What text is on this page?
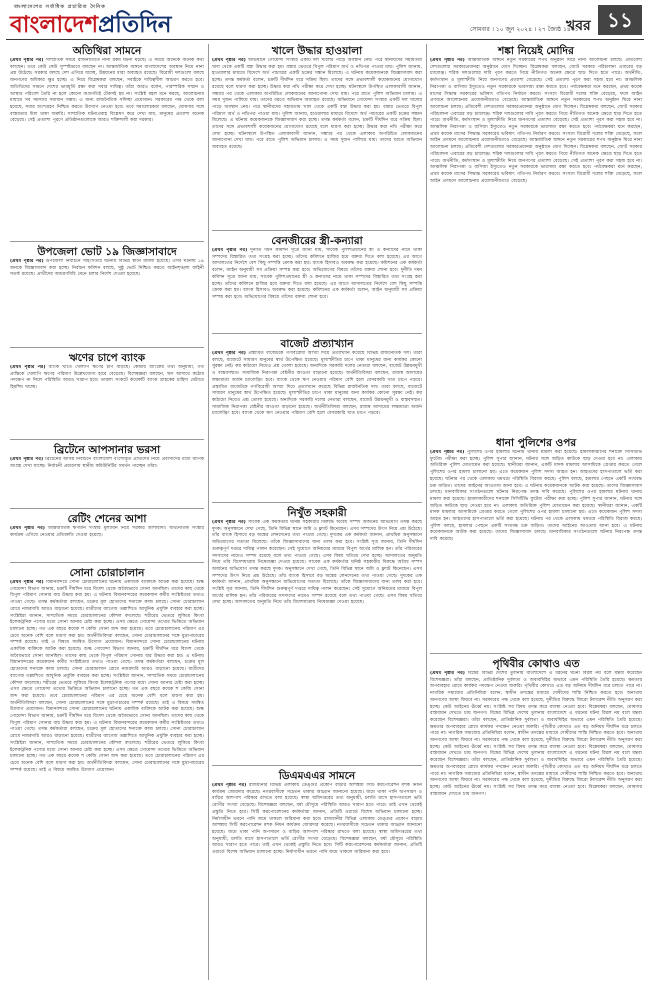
বাংলাদেশের সর্বাধিক প্রচারিত দৈনিক
বাংলাদেশপ্রতিদিন	সোমবার । ১০ জুন ২০২৪ । ২৭ জ্যৈষ্ঠ ১৪৩১
খবর ১১
অতিথিরা সামনে

(প্রথম পৃষ্ঠার পর) সাম্প্রতিক সময়ে রাজনীতিতে নানা রকম ঘটনা ঘটছে। এ সময়ে অনেকে অনেক কথা বলছেন। তবে কেউ কেউ সুস্পষ্টভাবে বলছেন না। আন্তর্জাতিক অঙ্গনে বাংলাদেশের অবস্থান নিয়ে নানা প্রশ্ন উঠেছে। সরকার বলছে দেশ এগিয়ে যাচ্ছে, উন্নয়নের ধারা অব্যাহত রয়েছে। বিরোধী দলগুলো বলছে জনগণের অধিকার ক্ষুণ্ণ হচ্ছে। এ নিয়ে বিশ্লেষকরা বলছেন, সবাইকে দায়িত্বশীল আচরণ করতে হবে। অতিথিদের সামনে দেশের ভাবমূর্তি রক্ষা করা সবার দায়িত্ব। তাঁরা আরও বলেন, পারস্পরিক সম্মান ও আস্থার পরিবেশ তৈরি না হলে কোনো অগ্রগতিই টেকসই হয় না। সংশ্লিষ্ট মহল মনে করছে, আলোচনার মাধ্যমে সব সমস্যার সমাধান সম্ভব। এ জন্য রাজনৈতিক সদিচ্ছা প্রয়োজন। সরকারের পক্ষ থেকে বলা হয়েছে, সবার অংশগ্রহণ নিশ্চিত করতে উদ্যোগ নেওয়া হবে। তবে সমালোচকরা বলছেন, ঘোষণার সঙ্গে বাস্তবতার মিল থাকা জরুরি। সাম্প্রতিক ঘটনাপ্রবাহ বিশ্লেষণ করে দেখা যায়, মানুষের প্রত্যাশা অনেক বেড়েছে। সেই প্রত্যাশা পূরণে প্রতিষ্ঠানগুলোকে আরও শক্তিশালী করা দরকার।

উপজেলা ভোট ১৯ জিজ্ঞাসাবাদে

(প্রথম পৃষ্ঠার পর) উপজেলা নির্বাচনে সহিংসতার ঘটনায় বিভিন্ন স্থানে মামলা হয়েছে। এসব ঘটনায় ১৯ জনকে জিজ্ঞাসাবাদ করা হচ্ছে। নির্বাচন কমিশন বলছে, সুষ্ঠু ভোট নিশ্চিত করতে আইনশৃঙ্খলা বাহিনী সতর্ক রয়েছে। প্রার্থীদের আচরণবিধি মেনে চলার নির্দেশ দেওয়া হয়েছে।

ঋণের চাপে ব্যাংক

(প্রথম পৃষ্ঠার পর) ব্যাংক খাতে খেলাপি ঋণের চাপ বাড়ছে। কেন্দ্রীয় ব্যাংকের তথ্য অনুযায়ী, গত প্রান্তিকে খেলাপি ঋণের পরিমাণ উল্লেখযোগ্য হারে বেড়েছে। বিশেষজ্ঞরা বলছেন, ঋণ আদায়ে কঠোর পদক্ষেপ না নিলে পরিস্থিতি আরও খারাপ হবে। তারল্য সংকটে কয়েকটি ব্যাংক গ্রাহকের চাহিদা মেটাতে হিমশিম খাচ্ছে।

ব্রিটেনে আপসানার ভরসা

(প্রথম পৃষ্ঠার পর) ব্রিটেনের আসন্ন নির্বাচনে বাংলাদেশি বংশোদ্ভূত প্রার্থীদের নিয়ে প্রবাসীদের মধ্যে ব্যাপক আগ্রহ দেখা যাচ্ছে। নির্বাচনী প্রচারণায় স্থানীয় কমিউনিটির সমর্থন পাচ্ছেন তাঁরা।

রেটিং শেনের আশা

(প্রথম পৃষ্ঠার পর) আন্তর্জাতিক ঋণমান সংস্থার মূল্যায়ন নিয়ে সরকার আশাবাদী। অর্থনৈতিক সংস্কার কার্যক্রম এগিয়ে নেওয়ার প্রতিশ্রুতি দেওয়া হয়েছে।

সোনা চোরাচালান

(প্রথম পৃষ্ঠার পর) বিমানবন্দরে সোনা চোরাচালানের ঘটনায় একাধিক ব্যক্তিকে আটক করা হয়েছে। শুল্ক গোয়েন্দা বিভাগ জানায়, চক্রটি দীর্ঘদিন ধরে বিদেশ থেকে অবৈধভাবে সোনা আনছিল। তাদের কাছ থেকে বিপুল পরিমাণ সোনার বার উদ্ধার করা হয়। এ ঘটনায় বিমানবন্দরের কয়েকজন কর্মীর সংশ্লিষ্টতার তথ্যও পাওয়া গেছে। তদন্ত কর্মকর্তারা বলছেন, চক্রের মূল হোতাদের শনাক্তে কাজ চলছে। সোনা চোরাচালান রোধে নজরদারি আরও বাড়ানো হয়েছে। যাত্রীদের ব্যাগেজ তল্লাশিতে আধুনিক প্রযুক্তি ব্যবহার করা হচ্ছে। সংশ্লিষ্টরা জানান, সাম্প্রতিক সময়ে চোরাচালানের কৌশল বদলেছে। শরীরের ভেতরে লুকিয়ে কিংবা ইলেকট্রনিক পণ্যের মধ্যে সোনা আনার চেষ্টা করা হচ্ছে। এসব ক্ষেত্রে গোয়েন্দা তথ্যের ভিত্তিতে অভিযান চালানো হচ্ছে। গত এক বছরে কয়েক শ কেজি সোনা জব্দ করা হয়েছে। তবে চোরাচালানের পরিমাণ এর চেয়ে অনেক বেশি বলে ধারণা করা হয়। অর্থনীতিবিদরা বলছেন, সোনা চোরাচালানের সঙ্গে মুদ্রাপাচারের সম্পর্ক রয়েছে। তাই এ বিষয়ে সমন্বিত উদ্যোগ প্রয়োজন। বিমানবন্দরে সোনা চোরাচালানের ঘটনায় একাধিক ব্যক্তিকে আটক করা হয়েছে। শুল্ক গোয়েন্দা বিভাগ জানায়, চক্রটি দীর্ঘদিন ধরে বিদেশ থেকে অবৈধভাবে সোনা আনছিল। তাদের কাছ থেকে বিপুল পরিমাণ সোনার বার উদ্ধার করা হয়। এ ঘটনায় বিমানবন্দরের কয়েকজন কর্মীর সংশ্লিষ্টতার তথ্যও পাওয়া গেছে। তদন্ত কর্মকর্তারা বলছেন, চক্রের মূল হোতাদের শনাক্তে কাজ চলছে। সোনা চোরাচালান রোধে নজরদারি আরও বাড়ানো হয়েছে। যাত্রীদের ব্যাগেজ তল্লাশিতে আধুনিক প্রযুক্তি ব্যবহার করা হচ্ছে। সংশ্লিষ্টরা জানান, সাম্প্রতিক সময়ে চোরাচালানের কৌশল বদলেছে। শরীরের ভেতরে লুকিয়ে কিংবা ইলেকট্রনিক পণ্যের মধ্যে সোনা আনার চেষ্টা করা হচ্ছে। এসব ক্ষেত্রে গোয়েন্দা তথ্যের ভিত্তিতে অভিযান চালানো হচ্ছে। গত এক বছরে কয়েক শ কেজি সোনা জব্দ করা হয়েছে। তবে চোরাচালানের পরিমাণ এর চেয়ে অনেক বেশি বলে ধারণা করা হয়। অর্থনীতিবিদরা বলছেন, সোনা চোরাচালানের সঙ্গে মুদ্রাপাচারের সম্পর্ক রয়েছে। তাই এ বিষয়ে সমন্বিত উদ্যোগ প্রয়োজন। বিমানবন্দরে সোনা চোরাচালানের ঘটনায় একাধিক ব্যক্তিকে আটক করা হয়েছে। শুল্ক গোয়েন্দা বিভাগ জানায়, চক্রটি দীর্ঘদিন ধরে বিদেশ থেকে অবৈধভাবে সোনা আনছিল। তাদের কাছ থেকে বিপুল পরিমাণ সোনার বার উদ্ধার করা হয়। এ ঘটনায় বিমানবন্দরের কয়েকজন কর্মীর সংশ্লিষ্টতার তথ্যও পাওয়া গেছে। তদন্ত কর্মকর্তারা বলছেন, চক্রের মূল হোতাদের শনাক্তে কাজ চলছে। সোনা চোরাচালান রোধে নজরদারি আরও বাড়ানো হয়েছে। যাত্রীদের ব্যাগেজ তল্লাশিতে আধুনিক প্রযুক্তি ব্যবহার করা হচ্ছে। সংশ্লিষ্টরা জানান, সাম্প্রতিক সময়ে চোরাচালানের কৌশল বদলেছে। শরীরের ভেতরে লুকিয়ে কিংবা ইলেকট্রনিক পণ্যের মধ্যে সোনা আনার চেষ্টা করা হচ্ছে। এসব ক্ষেত্রে গোয়েন্দা তথ্যের ভিত্তিতে অভিযান চালানো হচ্ছে। গত এক বছরে কয়েক শ কেজি সোনা জব্দ করা হয়েছে। তবে চোরাচালানের পরিমাণ এর চেয়ে অনেক বেশি বলে ধারণা করা হয়। অর্থনীতিবিদরা বলছেন, সোনা চোরাচালানের সঙ্গে মুদ্রাপাচারের সম্পর্ক রয়েছে। তাই এ বিষয়ে সমন্বিত উদ্যোগ প্রয়োজন।

খালে উদ্ধার হাওয়ালা

(প্রথম পৃষ্ঠার পর) অভিযানে গোয়েন্দা সংস্থার একটি দল খালের পাড়ে অবস্থান নেয়। পরে স্থানীয়দের সহায়তায় খাল থেকে একটি বস্তা উদ্ধার করা হয়। বস্তার ভেতরে বিপুল পরিমাণ অর্থ ও নথিপত্র পাওয়া যায়। পুলিশ জানায়, হাওয়ালার মাধ্যমে বিদেশে অর্থ পাচারের একটি চক্রের সন্ধান মিলেছে। এ ঘটনায় কয়েকজনকে জিজ্ঞাসাবাদ করা হচ্ছে। তদন্ত কর্মকর্তা বলেন, চক্রটি দীর্ঘদিন ধরে সক্রিয় ছিল। তাদের সঙ্গে প্রভাবশালী কয়েকজনের যোগাযোগ রয়েছে বলে ধারণা করা হচ্ছে। উদ্ধার করা নথি পরীক্ষা করে দেখা হচ্ছে। ঘটনাস্থলে উপস্থিত এলাকাবাসী জানান, সন্ধ্যার পর থেকে এলাকায় অপরিচিত লোকজনের আনাগোনা দেখা যায়। পরে রাতে পুলিশ অভিযান চালায়। এ সময় দুজন পালিয়ে যায়। তাদের ধরতে অভিযান অব্যাহত রয়েছে। অভিযানে গোয়েন্দা সংস্থার একটি দল খালের পাড়ে অবস্থান নেয়। পরে স্থানীয়দের সহায়তায় খাল থেকে একটি বস্তা উদ্ধার করা হয়। বস্তার ভেতরে বিপুল পরিমাণ অর্থ ও নথিপত্র পাওয়া যায়। পুলিশ জানায়, হাওয়ালার মাধ্যমে বিদেশে অর্থ পাচারের একটি চক্রের সন্ধান মিলেছে। এ ঘটনায় কয়েকজনকে জিজ্ঞাসাবাদ করা হচ্ছে। তদন্ত কর্মকর্তা বলেন, চক্রটি দীর্ঘদিন ধরে সক্রিয় ছিল। তাদের সঙ্গে প্রভাবশালী কয়েকজনের যোগাযোগ রয়েছে বলে ধারণা করা হচ্ছে। উদ্ধার করা নথি পরীক্ষা করে দেখা হচ্ছে। ঘটনাস্থলে উপস্থিত এলাকাবাসী জানান, সন্ধ্যার পর থেকে এলাকায় অপরিচিত লোকজনের আনাগোনা দেখা যায়। পরে রাতে পুলিশ অভিযান চালায়। এ সময় দুজন পালিয়ে যায়। তাদের ধরতে অভিযান অব্যাহত রয়েছে।

বেনজীরের স্ত্রী-কন্যারা

(প্রথম পৃষ্ঠার পর) দুর্নীতি দমন কমিশন সূত্রে জানা যায়, সাবেক পুলিশপ্রধানের স্ত্রী ও কন্যাদের নামে থাকা সম্পদের বিস্তারিত তথ্য সংগ্রহ করা হচ্ছে। তাঁদের কমিশনে হাজির হয়ে বক্তব্য দিতে বলা হয়েছে। এর আগে আদালতের নির্দেশে বেশ কিছু সম্পত্তি ক্রোক করা হয়। ব্যাংক হিসাবও অবরুদ্ধ করা হয়েছে। কমিশনের এক কর্মকর্তা বলেন, আইন অনুযায়ী সব প্রক্রিয়া সম্পন্ন করা হবে। অভিযোগের বিষয়ে তাঁদের বক্তব্য শোনা হবে। দুর্নীতি দমন কমিশন সূত্রে জানা যায়, সাবেক পুলিশপ্রধানের স্ত্রী ও কন্যাদের নামে থাকা সম্পদের বিস্তারিত তথ্য সংগ্রহ করা হচ্ছে। তাঁদের কমিশনে হাজির হয়ে বক্তব্য দিতে বলা হয়েছে। এর আগে আদালতের নির্দেশে বেশ কিছু সম্পত্তি ক্রোক করা হয়। ব্যাংক হিসাবও অবরুদ্ধ করা হয়েছে। কমিশনের এক কর্মকর্তা বলেন, আইন অনুযায়ী সব প্রক্রিয়া সম্পন্ন করা হবে। অভিযোগের বিষয়ে তাঁদের বক্তব্য শোনা হবে।

বাজেট প্রত্যাখ্যান

(প্রথম পৃষ্ঠার পর) প্রস্তাবিত বাজেটকে গণবিরোধী আখ্যা দিয়ে প্রত্যাখ্যান করেছে বিভিন্ন রাজনৈতিক দল। তারা বলছে, বাজেটে সাধারণ মানুষের স্বার্থ উপেক্ষিত হয়েছে। মূল্যস্ফীতির চাপে থাকা মানুষের জন্য কার্যকর কোনো সুরক্ষা নেই। কর কাঠামো নিয়েও প্রশ্ন তোলা হয়েছে। অন্যদিকে সরকারি দলের নেতারা বলছেন, বাজেট উন্নয়নমুখী ও বাস্তবসম্মত। সামাজিক নিরাপত্তা বেষ্টনীর আওতা বাড়ানো হয়েছে। অর্থনীতিবিদরা বলছেন, রাজস্ব আদায়ের লক্ষ্যমাত্রা অর্জন চ্যালেঞ্জিং হবে। ব্যাংক থেকে ঋণ নেওয়ার পরিমাণ বেশি হলে বেসরকারি খাত চাপে পড়বে। প্রস্তাবিত বাজেটকে গণবিরোধী আখ্যা দিয়ে প্রত্যাখ্যান করেছে বিভিন্ন রাজনৈতিক দল। তারা বলছে, বাজেটে সাধারণ মানুষের স্বার্থ উপেক্ষিত হয়েছে। মূল্যস্ফীতির চাপে থাকা মানুষের জন্য কার্যকর কোনো সুরক্ষা নেই। কর কাঠামো নিয়েও প্রশ্ন তোলা হয়েছে। অন্যদিকে সরকারি দলের নেতারা বলছেন, বাজেট উন্নয়নমুখী ও বাস্তবসম্মত। সামাজিক নিরাপত্তা বেষ্টনীর আওতা বাড়ানো হয়েছে। অর্থনীতিবিদরা বলছেন, রাজস্ব আদায়ের লক্ষ্যমাত্রা অর্জন চ্যালেঞ্জিং হবে। ব্যাংক থেকে ঋণ নেওয়ার পরিমাণ বেশি হলে বেসরকারি খাত চাপে পড়বে।

নিখুঁত সহকারী

(প্রথম পৃষ্ঠার পর) সাবেক এক কর্মকর্তার ঘনিষ্ঠ সহকারীর বিরুদ্ধে অবৈধ সম্পদ অর্জনের অভিযোগ তদন্ত করছে দুদক। অনুসন্ধানে দেখা গেছে, তিনি বিভিন্ন স্থানে জমি ও ফ্ল্যাট কিনেছেন। এসব সম্পদের উৎস নিয়ে প্রশ্ন উঠেছে। তাঁর ব্যাংক হিসাবে বড় অঙ্কের লেনদেনের তথ্য পাওয়া গেছে। দুদকের এক কর্মকর্তা জানান, প্রাথমিক অনুসন্ধানে অভিযোগের সত্যতা মিলেছে। তাঁকে জিজ্ঞাসাবাদের জন্য তলব করা হবে। সংশ্লিষ্ট সূত্র জানায়, তিনি দীর্ঘদিন গুরুত্বপূর্ণ দপ্তরে দায়িত্ব পালন করেছেন। সেই সুযোগে অনিয়মের মাধ্যমে বিপুল অর্থের মালিক হন। তাঁর পরিবারের সদস্যদের নামেও সম্পদ রয়েছে বলে তথ্য পাওয়া গেছে। এসব বিষয় খতিয়ে দেখা হচ্ছে। আদালতের অনুমতি নিয়ে তাঁর বিদেশযাত্রায় নিষেধাজ্ঞা দেওয়া হয়েছে। সাবেক এক কর্মকর্তার ঘনিষ্ঠ সহকারীর বিরুদ্ধে অবৈধ সম্পদ অর্জনের অভিযোগ তদন্ত করছে দুদক। অনুসন্ধানে দেখা গেছে, তিনি বিভিন্ন স্থানে জমি ও ফ্ল্যাট কিনেছেন। এসব সম্পদের উৎস নিয়ে প্রশ্ন উঠেছে। তাঁর ব্যাংক হিসাবে বড় অঙ্কের লেনদেনের তথ্য পাওয়া গেছে। দুদকের এক কর্মকর্তা জানান, প্রাথমিক অনুসন্ধানে অভিযোগের সত্যতা মিলেছে। তাঁকে জিজ্ঞাসাবাদের জন্য তলব করা হবে। সংশ্লিষ্ট সূত্র জানায়, তিনি দীর্ঘদিন গুরুত্বপূর্ণ দপ্তরে দায়িত্ব পালন করেছেন। সেই সুযোগে অনিয়মের মাধ্যমে বিপুল অর্থের মালিক হন। তাঁর পরিবারের সদস্যদের নামেও সম্পদ রয়েছে বলে তথ্য পাওয়া গেছে। এসব বিষয় খতিয়ে দেখা হচ্ছে। আদালতের অনুমতি নিয়ে তাঁর বিদেশযাত্রায় নিষেধাজ্ঞা দেওয়া হয়েছে।

ডিএমএএর সামনে

(প্রথম পৃষ্ঠার পর) রাজধানীর বিভিন্ন এলাকায় ডেঙ্গুর প্রকোপ বাড়ার আশঙ্কায় সিটি করপোরেশন মশক নিধন কার্যক্রম জোরদার করেছে। নগরবাসীকে সচেতন থাকার আহ্বান জানানো হয়েছে। জমে থাকা পানি অপসারণ ও বাড়ির আশপাশ পরিষ্কার রাখতে বলা হয়েছে। স্বাস্থ্য অধিদপ্তরের তথ্য অনুযায়ী, চলতি মাসে হাসপাতালে ভর্তি রোগীর সংখ্যা বেড়েছে। বিশেষজ্ঞরা বলছেন, বর্ষা মৌসুমে পরিস্থিতি আরও খারাপ হতে পারে। তাই এখন থেকেই প্রস্তুতি নিতে হবে। সিটি করপোরেশনের কর্মকর্তারা জানান, প্রতিটি ওয়ার্ডে বিশেষ অভিযান চালানো হচ্ছে। নির্মাণাধীন ভবনে পানি জমে থাকলে জরিমানা করা হবে। রাজধানীর বিভিন্ন এলাকায় ডেঙ্গুর প্রকোপ বাড়ার আশঙ্কায় সিটি করপোরেশন মশক নিধন কার্যক্রম জোরদার করেছে। নগরবাসীকে সচেতন থাকার আহ্বান জানানো হয়েছে। জমে থাকা পানি অপসারণ ও বাড়ির আশপাশ পরিষ্কার রাখতে বলা হয়েছে। স্বাস্থ্য অধিদপ্তরের তথ্য অনুযায়ী, চলতি মাসে হাসপাতালে ভর্তি রোগীর সংখ্যা বেড়েছে। বিশেষজ্ঞরা বলছেন, বর্ষা মৌসুমে পরিস্থিতি আরও খারাপ হতে পারে। তাই এখন থেকেই প্রস্তুতি নিতে হবে। সিটি করপোরেশনের কর্মকর্তারা জানান, প্রতিটি ওয়ার্ডে বিশেষ অভিযান চালানো হচ্ছে। নির্মাণাধীন ভবনে পানি জমে থাকলে জরিমানা করা হবে।

শঙ্কা নিয়েই মোদির

(প্রথম পৃষ্ঠার পর) আন্তর্জাতিক অঙ্গনে নতুন সরকারের শপথ অনুষ্ঠান ঘিরে নানা আলোচনা চলছে। প্রতিবেশী দেশগুলোর সরকারপ্রধানরা অনুষ্ঠানে যোগ দিচ্ছেন। বিশ্লেষকরা বলছেন, জোট সরকার পরিচালনা এবারের বড় চ্যালেঞ্জ। শরিক দলগুলোর দাবি পূরণ করতে গিয়ে নীতিগত অনেক ক্ষেত্রে ছাড় দিতে হতে পারে। অর্থনীতি, কর্মসংস্থান ও মূল্যস্ফীতি নিয়ে জনগণের প্রত্যাশা বেড়েছে। সেই প্রত্যাশা পূরণ করা সহজ হবে না। আঞ্চলিক নিরাপত্তা ও বাণিজ্য ইস্যুতেও নতুন সরকারকে ভারসাম্য রক্ষা করতে হবে। পর্যবেক্ষকরা মনে করছেন, প্রথম কয়েক মাসের সিদ্ধান্ত সরকারের ভবিষ্যৎ গতিপথ নির্ধারণ করবে। সংসদে বিরোধী দলের শক্তি বেড়েছে, ফলে আইন প্রণয়নে আলোচনার প্রয়োজনীয়তাও বেড়েছে। আন্তর্জাতিক অঙ্গনে নতুন সরকারের শপথ অনুষ্ঠান ঘিরে নানা আলোচনা চলছে। প্রতিবেশী দেশগুলোর সরকারপ্রধানরা অনুষ্ঠানে যোগ দিচ্ছেন। বিশ্লেষকরা বলছেন, জোট সরকার পরিচালনা এবারের বড় চ্যালেঞ্জ। শরিক দলগুলোর দাবি পূরণ করতে গিয়ে নীতিগত অনেক ক্ষেত্রে ছাড় দিতে হতে পারে। অর্থনীতি, কর্মসংস্থান ও মূল্যস্ফীতি নিয়ে জনগণের প্রত্যাশা বেড়েছে। সেই প্রত্যাশা পূরণ করা সহজ হবে না। আঞ্চলিক নিরাপত্তা ও বাণিজ্য ইস্যুতেও নতুন সরকারকে ভারসাম্য রক্ষা করতে হবে। পর্যবেক্ষকরা মনে করছেন, প্রথম কয়েক মাসের সিদ্ধান্ত সরকারের ভবিষ্যৎ গতিপথ নির্ধারণ করবে। সংসদে বিরোধী দলের শক্তি বেড়েছে, ফলে আইন প্রণয়নে আলোচনার প্রয়োজনীয়তাও বেড়েছে। আন্তর্জাতিক অঙ্গনে নতুন সরকারের শপথ অনুষ্ঠান ঘিরে নানা আলোচনা চলছে। প্রতিবেশী দেশগুলোর সরকারপ্রধানরা অনুষ্ঠানে যোগ দিচ্ছেন। বিশ্লেষকরা বলছেন, জোট সরকার পরিচালনা এবারের বড় চ্যালেঞ্জ। শরিক দলগুলোর দাবি পূরণ করতে গিয়ে নীতিগত অনেক ক্ষেত্রে ছাড় দিতে হতে পারে। অর্থনীতি, কর্মসংস্থান ও মূল্যস্ফীতি নিয়ে জনগণের প্রত্যাশা বেড়েছে। সেই প্রত্যাশা পূরণ করা সহজ হবে না। আঞ্চলিক নিরাপত্তা ও বাণিজ্য ইস্যুতেও নতুন সরকারকে ভারসাম্য রক্ষা করতে হবে। পর্যবেক্ষকরা মনে করছেন, প্রথম কয়েক মাসের সিদ্ধান্ত সরকারের ভবিষ্যৎ গতিপথ নির্ধারণ করবে। সংসদে বিরোধী দলের শক্তি বেড়েছে, ফলে আইন প্রণয়নে আলোচনার প্রয়োজনীয়তাও বেড়েছে।

ধানা পুলিশের ওপর

(প্রথম পৃষ্ঠার পর) পুলিশের ওপর হামলার ঘটনায় থানায় মামলা করা হয়েছে। হামলাকারীদের শনাক্তে সিসিটিভি ফুটেজ পরীক্ষা করা হচ্ছে। পুলিশ সুপার জানান, ঘটনার সঙ্গে জড়িত কাউকে ছাড় দেওয়া হবে না। এলাকায় অতিরিক্ত পুলিশ মোতায়েন করা হয়েছে। স্থানীয়রা জানান, একটি মাদক মামলার আসামিকে গ্রেপ্তার করতে গেলে পুলিশের ওপর হামলা চালানো হয়। এতে কয়েকজন পুলিশ সদস্য আহত হন। আহতদের হাসপাতালে ভর্তি করা হয়েছে। ঘটনার পর থেকে এলাকায় থমথমে পরিস্থিতি বিরাজ করছে। পুলিশ বলছে, হামলার পেছনে একটি সংঘবদ্ধ চক্র জড়িত। তাদের আইনের আওতায় আনা হবে। এ ঘটনায় কয়েকজনকে আটক করা হয়েছে। তাদের জিজ্ঞাসাবাদ চলছে। মানবাধিকার সংগঠনগুলো ঘটনার নিরপেক্ষ তদন্ত দাবি করেছে। পুলিশের ওপর হামলার ঘটনায় থানায় মামলা করা হয়েছে। হামলাকারীদের শনাক্তে সিসিটিভি ফুটেজ পরীক্ষা করা হচ্ছে। পুলিশ সুপার জানান, ঘটনার সঙ্গে জড়িত কাউকে ছাড় দেওয়া হবে না। এলাকায় অতিরিক্ত পুলিশ মোতায়েন করা হয়েছে। স্থানীয়রা জানান, একটি মাদক মামলার আসামিকে গ্রেপ্তার করতে গেলে পুলিশের ওপর হামলা চালানো হয়। এতে কয়েকজন পুলিশ সদস্য আহত হন। আহতদের হাসপাতালে ভর্তি করা হয়েছে। ঘটনার পর থেকে এলাকায় থমথমে পরিস্থিতি বিরাজ করছে। পুলিশ বলছে, হামলার পেছনে একটি সংঘবদ্ধ চক্র জড়িত। তাদের আইনের আওতায় আনা হবে। এ ঘটনায় কয়েকজনকে আটক করা হয়েছে। তাদের জিজ্ঞাসাবাদ চলছে। মানবাধিকার সংগঠনগুলো ঘটনার নিরপেক্ষ তদন্ত দাবি করেছে।

পৃথিবীর কোথাও এত

(প্রথম পৃষ্ঠার পর) বিশ্বের বিভিন্ন দেশের তুলনায় বাংলাদেশে এ ধরনের ঘটনা বিরল নয় বলে মন্তব্য করেছেন বিশেষজ্ঞরা। তাঁরা বলছেন, প্রাতিষ্ঠানিক দুর্বলতা ও জবাবদিহির অভাবে এমন পরিস্থিতি তৈরি হয়েছে। ক্ষমতার অপব্যবহার রোধে কার্যকর পদক্ষেপ নেওয়া জরুরি। পৃথিবীর কোথাও এত বড় অনিয়ম দীর্ঘদিন ধরে চলতে পারে না। নাগরিক সমাজের প্রতিনিধিরা বলেন, স্বাধীন তদন্তের মাধ্যমে দোষীদের শাস্তি নিশ্চিত করতে হবে। অন্যথায় জনগণের আস্থা ফিরবে না। সরকারের পক্ষ থেকে বলা হয়েছে, দুর্নীতির বিরুদ্ধে জিরো টলারেন্স নীতি অনুসরণ করা হচ্ছে। কেউ আইনের ঊর্ধ্বে নয়। সংশ্লিষ্ট সব বিষয় তদন্ত করে ব্যবস্থা নেওয়া হবে। বিশ্লেষকরা বলছেন, ঘোষণার বাস্তবায়ন দেখতে চায় জনগণ। বিশ্বের বিভিন্ন দেশের তুলনায় বাংলাদেশে এ ধরনের ঘটনা বিরল নয় বলে মন্তব্য করেছেন বিশেষজ্ঞরা। তাঁরা বলছেন, প্রাতিষ্ঠানিক দুর্বলতা ও জবাবদিহির অভাবে এমন পরিস্থিতি তৈরি হয়েছে। ক্ষমতার অপব্যবহার রোধে কার্যকর পদক্ষেপ নেওয়া জরুরি। পৃথিবীর কোথাও এত বড় অনিয়ম দীর্ঘদিন ধরে চলতে পারে না। নাগরিক সমাজের প্রতিনিধিরা বলেন, স্বাধীন তদন্তের মাধ্যমে দোষীদের শাস্তি নিশ্চিত করতে হবে। অন্যথায় জনগণের আস্থা ফিরবে না। সরকারের পক্ষ থেকে বলা হয়েছে, দুর্নীতির বিরুদ্ধে জিরো টলারেন্স নীতি অনুসরণ করা হচ্ছে। কেউ আইনের ঊর্ধ্বে নয়। সংশ্লিষ্ট সব বিষয় তদন্ত করে ব্যবস্থা নেওয়া হবে। বিশ্লেষকরা বলছেন, ঘোষণার বাস্তবায়ন দেখতে চায় জনগণ। বিশ্বের বিভিন্ন দেশের তুলনায় বাংলাদেশে এ ধরনের ঘটনা বিরল নয় বলে মন্তব্য করেছেন বিশেষজ্ঞরা। তাঁরা বলছেন, প্রাতিষ্ঠানিক দুর্বলতা ও জবাবদিহির অভাবে এমন পরিস্থিতি তৈরি হয়েছে। ক্ষমতার অপব্যবহার রোধে কার্যকর পদক্ষেপ নেওয়া জরুরি। পৃথিবীর কোথাও এত বড় অনিয়ম দীর্ঘদিন ধরে চলতে পারে না। নাগরিক সমাজের প্রতিনিধিরা বলেন, স্বাধীন তদন্তের মাধ্যমে দোষীদের শাস্তি নিশ্চিত করতে হবে। অন্যথায় জনগণের আস্থা ফিরবে না। সরকারের পক্ষ থেকে বলা হয়েছে, দুর্নীতির বিরুদ্ধে জিরো টলারেন্স নীতি অনুসরণ করা হচ্ছে। কেউ আইনের ঊর্ধ্বে নয়। সংশ্লিষ্ট সব বিষয় তদন্ত করে ব্যবস্থা নেওয়া হবে। বিশ্লেষকরা বলছেন, ঘোষণার বাস্তবায়ন দেখতে চায় জনগণ।
